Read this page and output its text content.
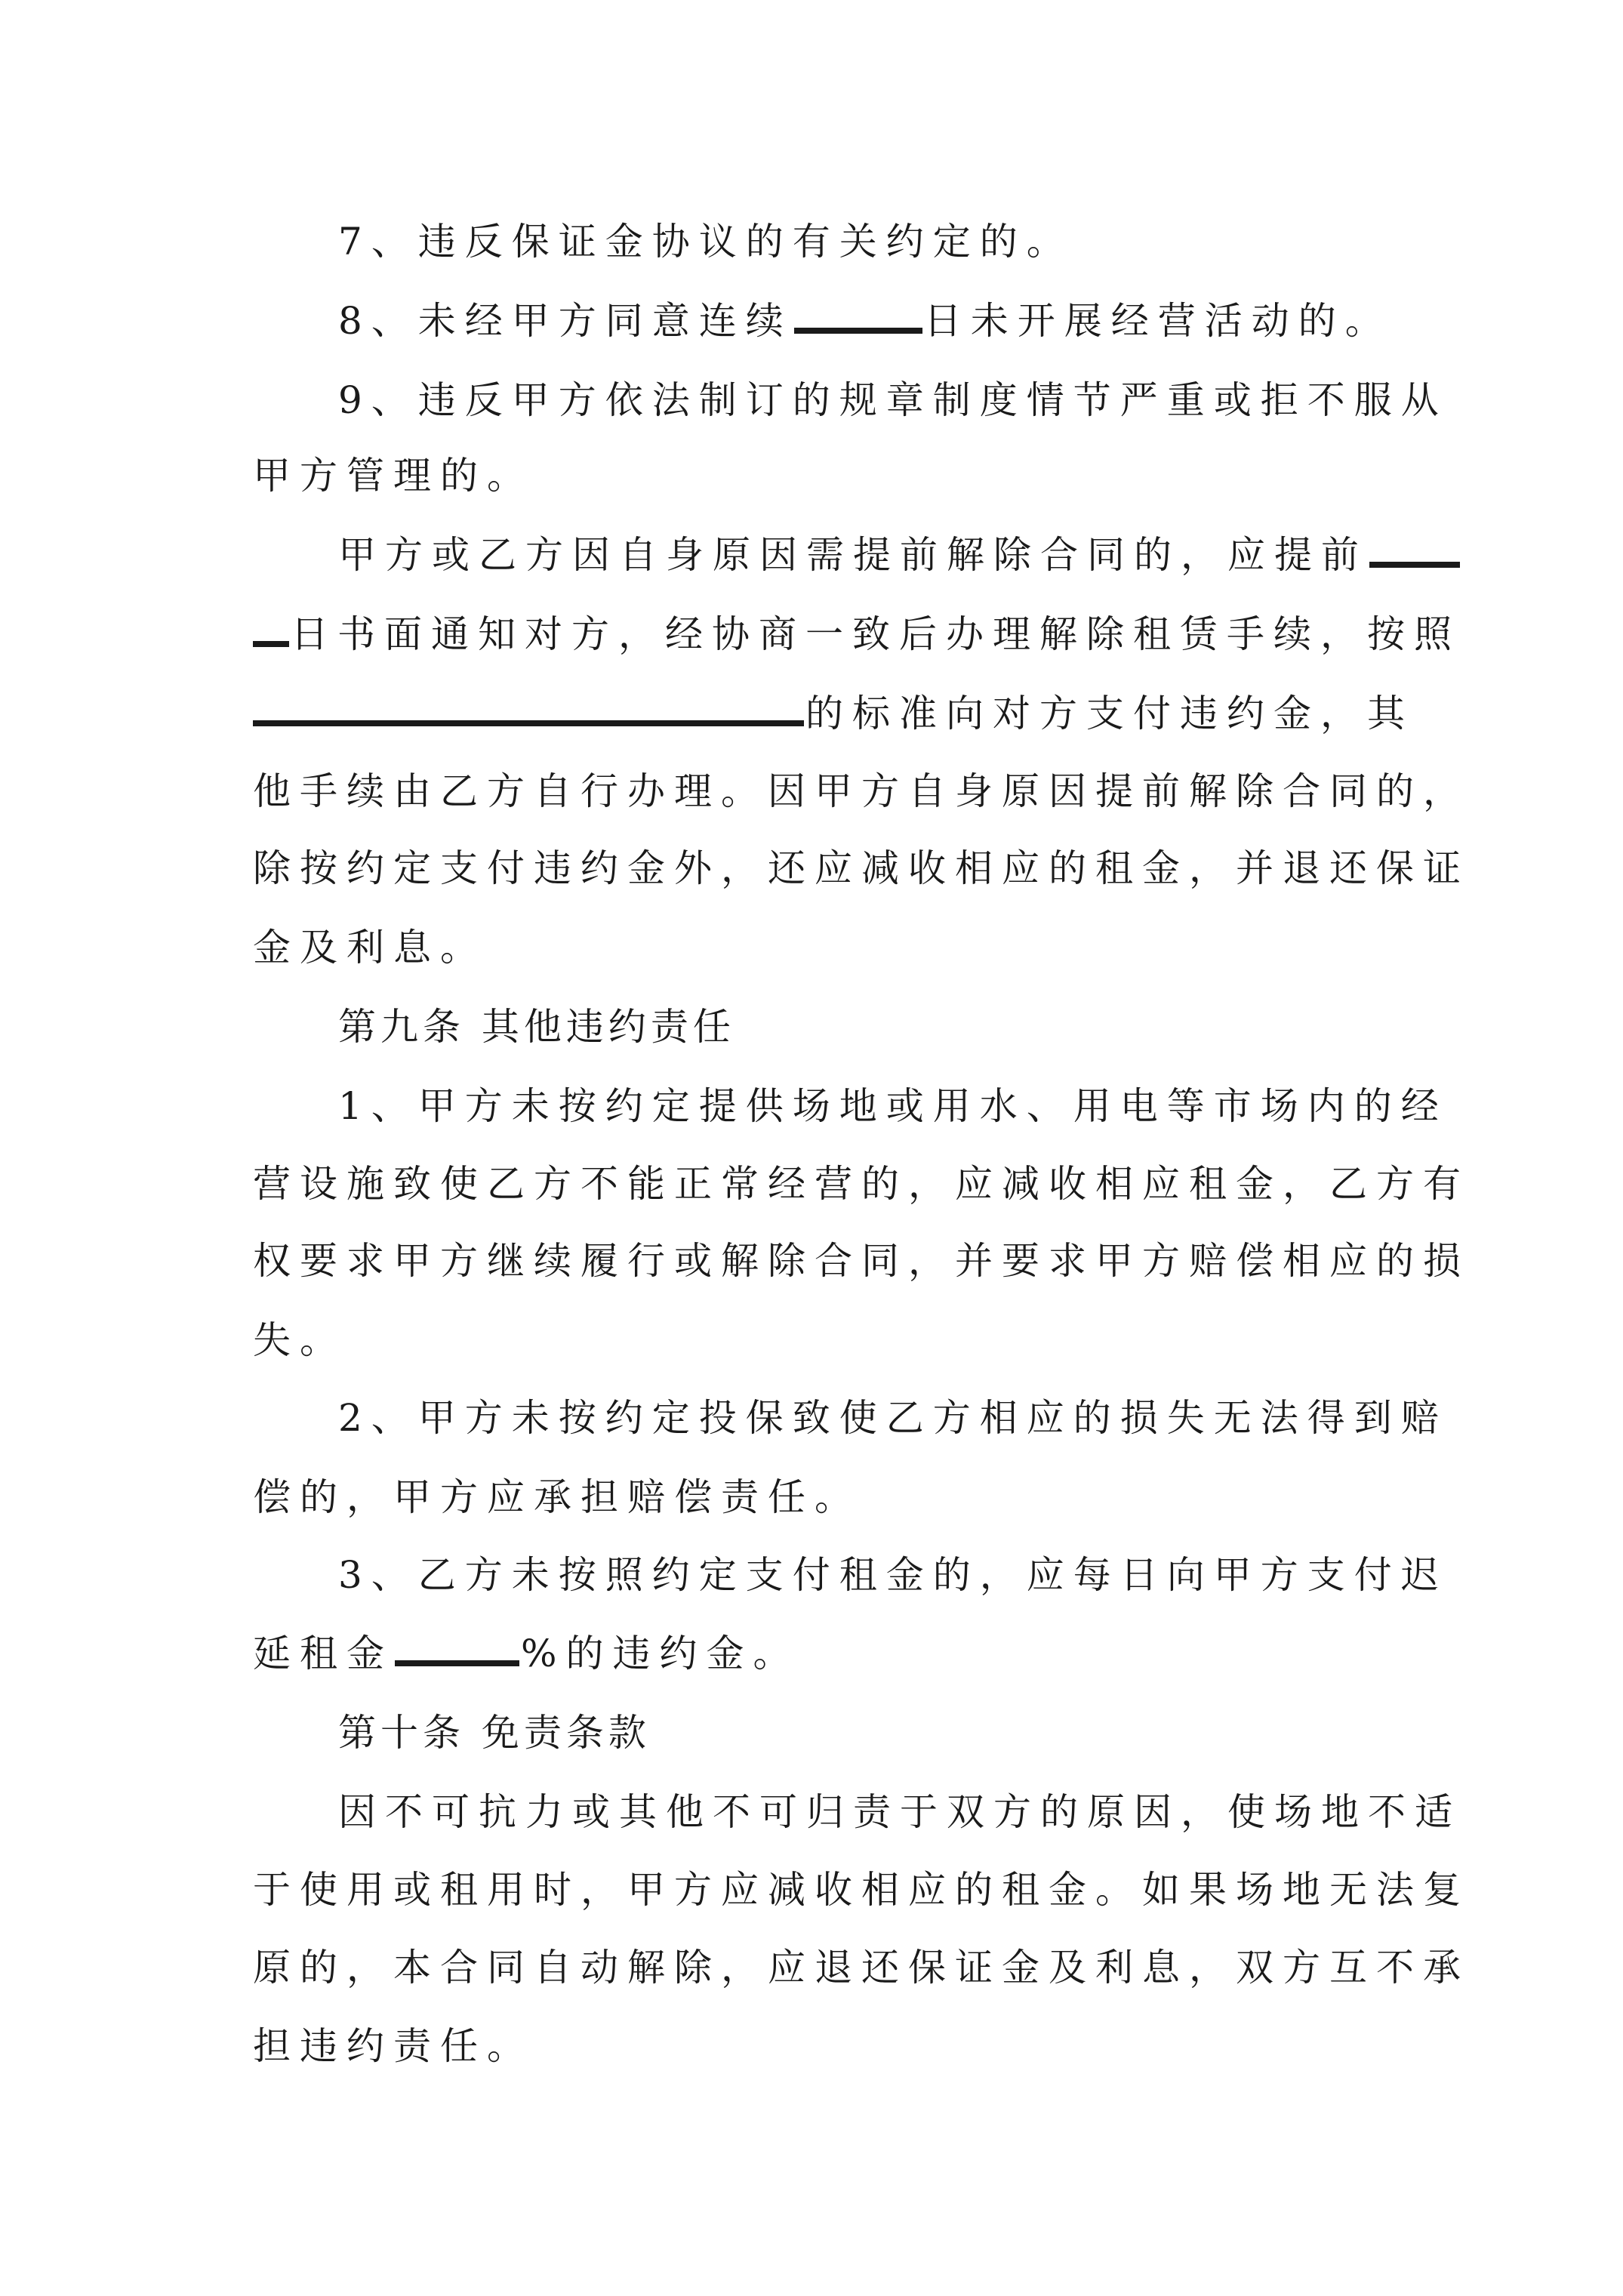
7、违反保证金协议的有关约定的。
8、未经甲方同意连续	日未开展经营活动的。
9、违反甲方依法制订的规章制度情节严重或拒不服从
甲方管理的。
甲方或乙方因自身原因需提前解除合同的，应提前
日书面通知对方，经协商一致后办理解除租赁手续，按照
的标准向对方支付违约金，其
他手续由乙方自行办理。因甲方自身原因提前解除合同的，
除按约定支付违约金外，还应减收相应的租金，并退还保证
金及利息。
第九条 其他违约责任
1、甲方未按约定提供场地或用水、用电等市场内的经
营设施致使乙方不能正常经营的，应减收相应租金，乙方有
权要求甲方继续履行或解除合同，并要求甲方赔偿相应的损
失。
2、甲方未按约定投保致使乙方相应的损失无法得到赔
偿的，甲方应承担赔偿责任。
3、乙方未按照约定支付租金的，应每日向甲方支付迟
延租金	%的违约金。
第十条 免责条款
因不可抗力或其他不可归责于双方的原因，使场地不适
于使用或租用时，甲方应减收相应的租金。如果场地无法复
原的，本合同自动解除，应退还保证金及利息，双方互不承
担违约责任。
